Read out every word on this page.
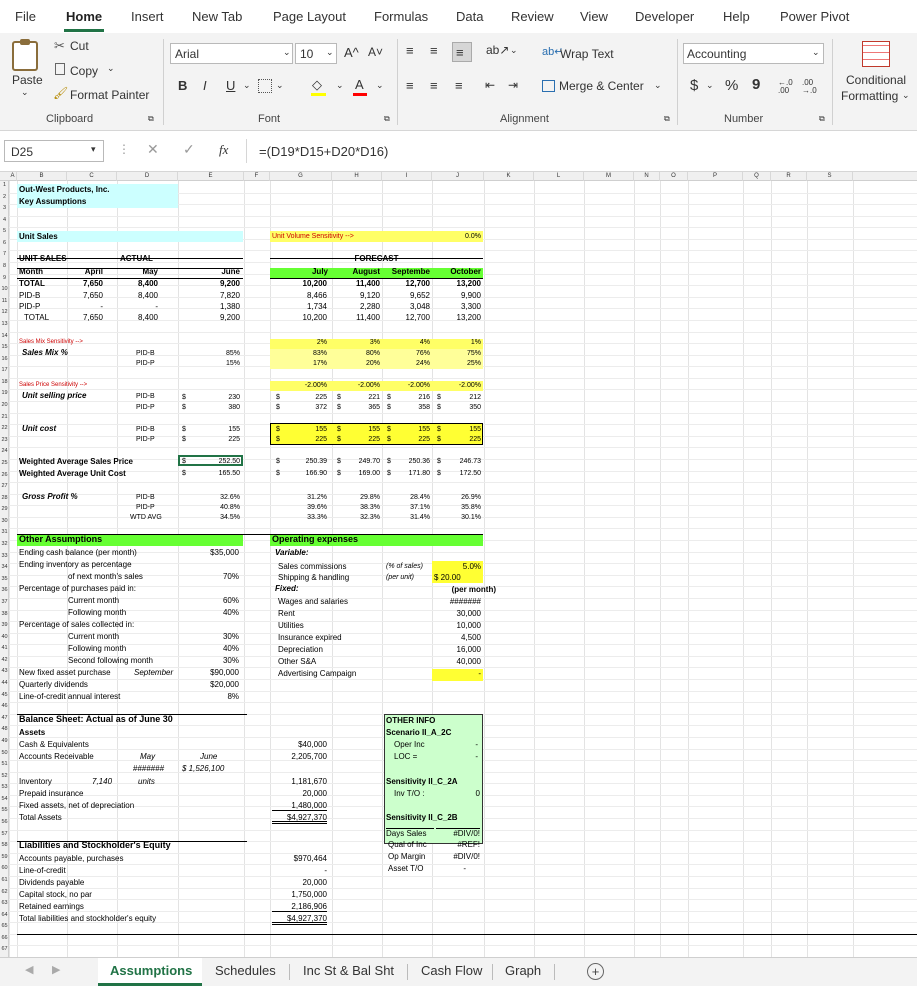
File Home Insert New Tab Page Layout Formulas Data Review View Developer Help Power Pivot
Paste
⌄
✂ Cut
Copy ⌄
🖌 Format Painter
Clipboard	⧉
Arial	⌄ 10 ⌄ A^ A˅
B I U ⌄	⌄ ◇ ⌄ A ⌄
Font	⧉
≡ ≡ ≡ ab↗ ⌄
≡ ≡ ≡ ⇤ ⇥
ab↵
Wrap Text
Merge & Center ⌄
Alignment	⧉
Accounting	⌄
$ ⌄ % 9 ←.0 .00
.00 →.0
Number	⧉
Conditional
Formatting ⌄
D25	▾ ⋮ ✕ ✓ fx =(D19*D15+D20*D16)
A	B	C	D	E	F	G	H	I	J	K	L	M	N	O	P	Q	R	S
1
2
3
4
5
6
7
8
9
10
11
12
13
14
15
16
17
18
19
20
21
22
23
24
25
26
27
28
29
30
31
32
33
34
35
36
37
38
39
40
41
42
43
44
45
46
47
48
49
50
51
52
53
54
55
56
57
58
59
60
61
62
63
64
65
66
67
Out-West Products, Inc.
Key Assumptions
Unit Sales	Unit Volume Sensitivity -->	0.0%
UNIT SALES	ACTUAL	FORECAST
Month	April	May	June	July	August	Septembe	October
TOTAL
PID-B
PID-P
TOTAL
7,650	8,400	9,200	10,200	11,400	12,700	13,200
7,650	8,400	7,820	8,466	9,120	9,652	9,900
-	-	1,380	1,734	2,280	3,048	3,300
7,650	8,400	9,200	10,200	11,400	12,700	13,200
Sales Mix Sensitivity -->
Sales Mix %	PID-B
PID-P
2%	3%	4%	1%
85%	83%	80%	76%	75%
15%	17%	20%	24%	25%
Sales Price Sensitivity -->
Unit selling price	PID-B
PID-P
-2.00%	-2.00%	-2.00%	-2.00%
230	225	221	216	212
380	372	365	358	350
$
$
$
$
$
$
$
$
$
$
Unit cost	PID-B
PID-P
155	155	155	155	155
225	225	225	225	225
$
$
$
$
$
$
$
$
$
$
Weighted Average Sales Price
Weighted Average Unit Cost
252.50	250.39	249.70	250.36	246.73
165.50	166.90	169.00	171.80	172.50
$
$
$
$
$
$
$
$
$
$
Gross Profit %	PID-B
PID-P
WTD AVG
32.6%	31.2%	29.8%	28.4%	26.9%
40.8%	39.6%	38.3%	37.1%	35.8%
34.5%	33.3%	32.3%	31.4%	30.1%
Other Assumptions
Ending cash balance (per month)	$35,000
Ending inventory as percentage
of next month's sales	70%
Percentage of purchases paid in:
Current month	60%
Following month	40%
Percentage of sales collected in:
Current month	30%
Following month	40%
Second following month	30%
New fixed asset purchase	September	$90,000
Quarterly dividends	$20,000
Line-of-credit annual interest	8%
Operating expenses
Variable:
Sales commissions	(% of sales)	5.0%
Shipping & handling	(per unit)	$ 20.00
Fixed:	(per month)
Wages and salaries	#######
Rent	30,000
Utilities	10,000
Insurance expired	4,500
Depreciation	16,000
Other S&A	40,000
Advertising Campaign	-
Balance Sheet: Actual as of June 30
Assets
Cash & Equivalents	$40,000
Accounts Receivable	May	June	2,205,700
####### $ 1,526,100
Inventory	7,140	units	1,181,670
Prepaid insurance	20,000
Fixed assets, net of depreciation	1,480,000
Total Assets	$4,927,370
Liabilities and Stockholder's Equity
Accounts payable, purchases	$970,464
Line-of-credit	-
Dividends payable	20,000
Capital stock, no par	1,750,000
Retained earnings	2,186,906
Total liabilities and stockholder's equity	$4,927,370
OTHER INFO
Scenario II_A_2C
Oper Inc	-
LOC =	-
Sensitivity II_C_2A
Inv T/O :	0
Sensitivity II_C_2B
Days Sales	#DIV/0!
Qual of Inc	#REF!
Op Margin	#DIV/0!
Asset T/O	-
◀ ▶	Assumptions Schedules Inc St & Bal Sht Cash Flow Graph	+
